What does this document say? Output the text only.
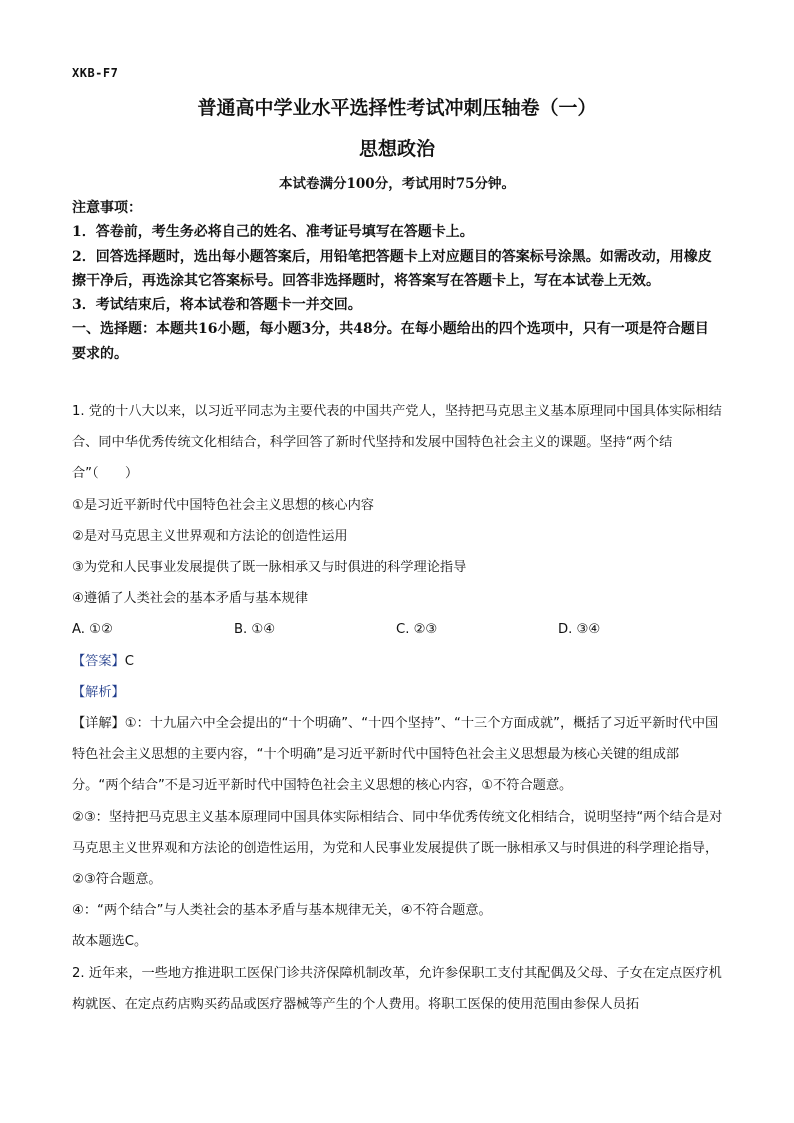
XKB-F7
普通高中学业水平选择性考试冲刺压轴卷（一）
思想政治
本试卷满分100分，考试用时75分钟。

注意事项：

1．答卷前，考生务必将自己的姓名、准考证号填写在答题卡上。

2．回答选择题时，选出每小题答案后，用铅笔把答题卡上对应题目的答案标号涂黑。如需改动，用橡皮擦干净后，再选涂其它答案标号。回答非选择题时，将答案写在答题卡上，写在本试卷上无效。

3．考试结束后，将本试卷和答题卡一并交回。

一、选择题：本题共16小题，每小题3分，共48分。在每小题给出的四个选项中，只有一项是符合题目要求的。

1. 党的十八大以来，以习近平同志为主要代表的中国共产党人，坚持把马克思主义基本原理同中国具体实际相结合、同中华优秀传统文化相结合，科学回答了新时代坚持和发展中国特色社会主义的课题。坚持“两个结合”（　　）

①是习近平新时代中国特色社会主义思想的核心内容

②是对马克思主义世界观和方法论的创造性运用

③为党和人民事业发展提供了既一脉相承又与时俱进的科学理论指导

④遵循了人类社会的基本矛盾与基本规律

A. ①②	B. ①④	C. ②③	D. ③④

【答案】C

【解析】

【详解】①：十九届六中全会提出的“十个明确”、“十四个坚持”、“十三个方面成就”，概括了习近平新时代中国特色社会主义思想的主要内容，“十个明确”是习近平新时代中国特色社会主义思想最为核心关键的组成部分。“两个结合”不是习近平新时代中国特色社会主义思想的核心内容，①不符合题意。

②③：坚持把马克思主义基本原理同中国具体实际相结合、同中华优秀传统文化相结合，说明坚持“两个结合是对马克思主义世界观和方法论的创造性运用，为党和人民事业发展提供了既一脉相承又与时俱进的科学理论指导，②③符合题意。

④：“两个结合”与人类社会的基本矛盾与基本规律无关，④不符合题意。

故本题选C。

2. 近年来，一些地方推进职工医保门诊共济保障机制改革，允许参保职工支付其配偶及父母、子女在定点医疗机构就医、在定点药店购买药品或医疗器械等产生的个人费用。将职工医保的使用范围由参保人员拓
